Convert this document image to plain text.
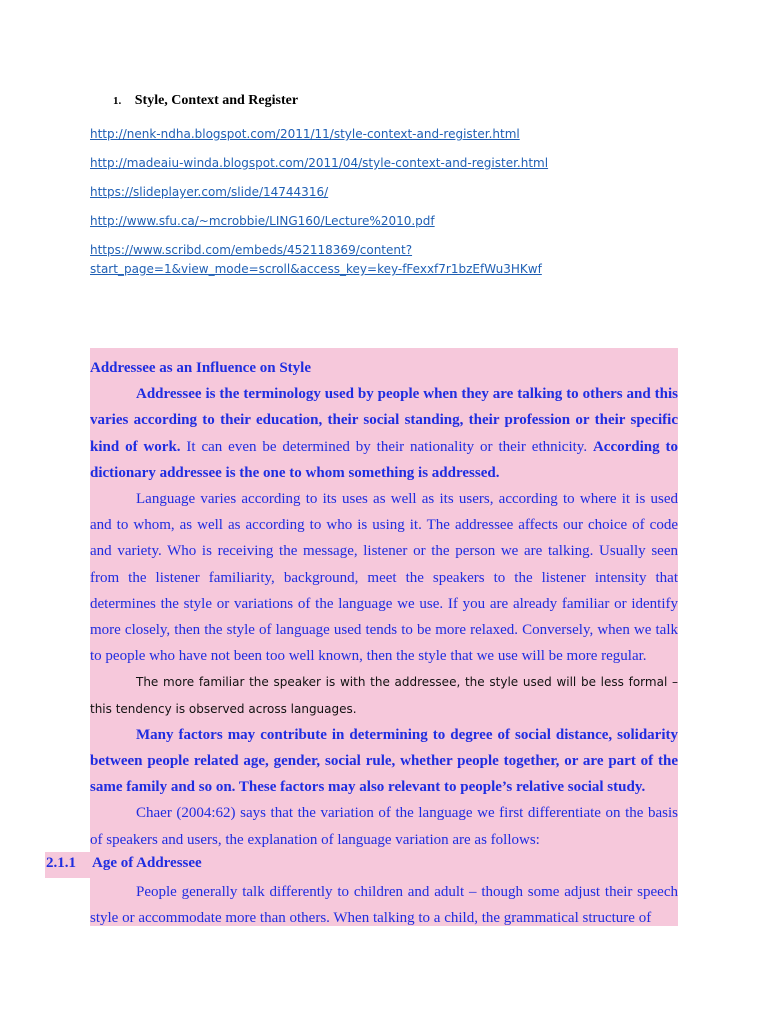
1. Style, Context and Register
http://nenk-ndha.blogspot.com/2011/11/style-context-and-register.html
http://madeaiu-winda.blogspot.com/2011/04/style-context-and-register.html
https://slideplayer.com/slide/14744316/
http://www.sfu.ca/~mcrobbie/LING160/Lecture%2010.pdf
https://www.scribd.com/embeds/452118369/content?
start_page=1&view_mode=scroll&access_key=key-fFexxf7r1bzEfWu3HKwf

Addressee as an Influence on Style

Addressee is the terminology used by people when they are talking to others and this varies according to their education, their social standing, their profession or their specific kind of work. It can even be determined by their nationality or their ethnicity. According to dictionary addressee is the one to whom something is addressed.

Language varies according to its uses as well as its users, according to where it is used and to whom, as well as according to who is using it. The addressee affects our choice of code and variety. Who is receiving the message, listener or the person we are talking. Usually seen from the listener familiarity, background, meet the speakers to the listener intensity that determines the style or variations of the language we use. If you are already familiar or identify more closely, then the style of language used tends to be more relaxed. Conversely, when we talk to people who have not been too well known, then the style that we use will be more regular.

The more familiar the speaker is with the addressee, the style used will be less formal – this tendency is observed across languages.

Many factors may contribute in determining to degree of social distance, solidarity between people related age, gender, social rule, whether people together, or are part of the same family and so on. These factors may also relevant to people’s relative social study.

Chaer (2004:62) says that the variation of the language we first differentiate on the basis of speakers and users, the explanation of language variation are as follows:

People generally talk differently to children and adult – though some adjust their speech style or accommodate more than others. When talking to a child, the grammatical structure of

2.1.1 Age of Addressee
